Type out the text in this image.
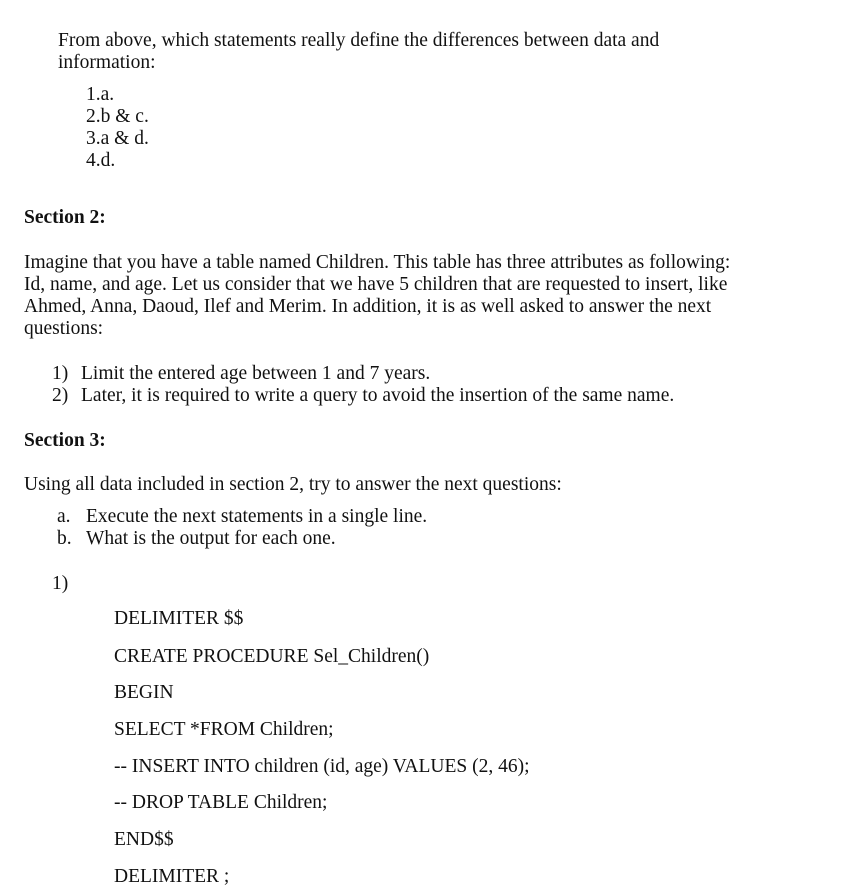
From above, which statements really define the differences between data and
information:
1.a.
2.b & c.
3.a & d.
4.d.
Section 2:
Imagine that you have a table named Children. This table has three attributes as following:
Id, name, and age. Let us consider that we have 5 children that are requested to insert, like
Ahmed, Anna, Daoud, Ilef and Merim. In addition, it is as well asked to answer the next
questions:
1) Limit the entered age between 1 and 7 years.
2) Later, it is required to write a query to avoid the insertion of the same name.
Section 3:
Using all data included in section 2, try to answer the next questions:
a. Execute the next statements in a single line.
b. What is the output for each one.
1)
DELIMITER $$
CREATE PROCEDURE Sel_Children()
BEGIN
SELECT *FROM Children;
-- INSERT INTO children (id, age) VALUES (2, 46);
-- DROP TABLE Children;
END$$
DELIMITER ;
